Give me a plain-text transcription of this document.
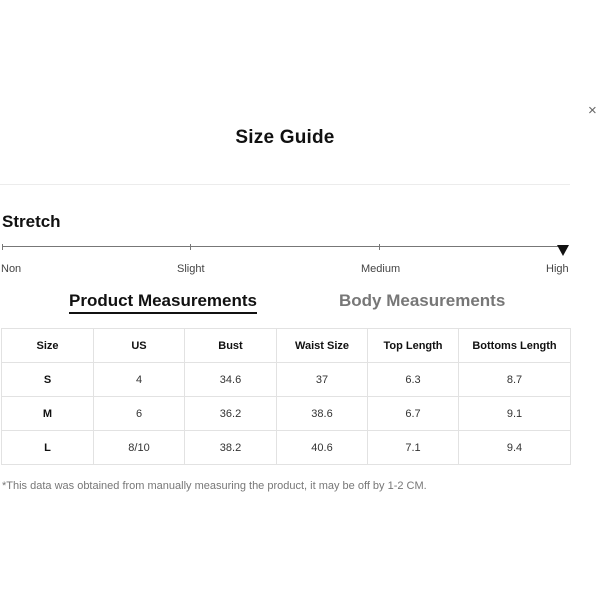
×
Size Guide
Stretch
Non	Slight	Medium	High
Product Measurements	Body Measurements
Size	US	Bust	Waist Size	Top Length	Bottoms Length
S	4	34.6	37	6.3	8.7
M	6	36.2	38.6	6.7	9.1
L	8/10	38.2	40.6	7.1	9.4
*This data was obtained from manually measuring the product, it may be off by 1-2 CM.
